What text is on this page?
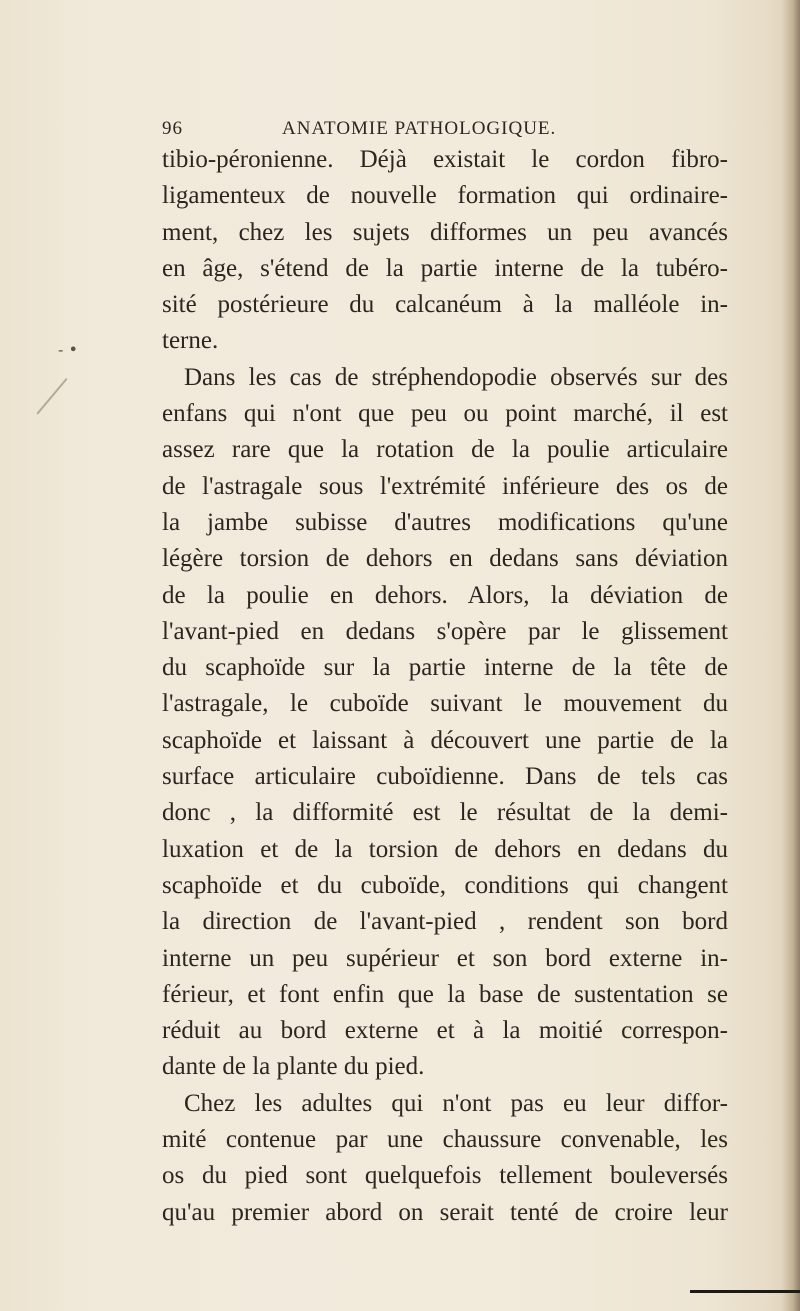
- •
96	ANATOMIE PATHOLOGIQUE.
tibio-péronienne. Déjà existait le cordon fibro-
ligamenteux de nouvelle formation qui ordinaire-
ment, chez les sujets difformes un peu avancés
en âge, s'étend de la partie interne de la tubéro-
sité postérieure du calcanéum à la malléole in-
terne.
Dans les cas de stréphendopodie observés sur des
enfans qui n'ont que peu ou point marché, il est
assez rare que la rotation de la poulie articulaire
de l'astragale sous l'extrémité inférieure des os de
la jambe subisse d'autres modifications qu'une
légère torsion de dehors en dedans sans déviation
de la poulie en dehors. Alors, la déviation de
l'avant-pied en dedans s'opère par le glissement
du scaphoïde sur la partie interne de la tête de
l'astragale, le cuboïde suivant le mouvement du
scaphoïde et laissant à découvert une partie de la
surface articulaire cuboïdienne. Dans de tels cas
donc , la difformité est le résultat de la demi-
luxation et de la torsion de dehors en dedans du
scaphoïde et du cuboïde, conditions qui changent
la direction de l'avant-pied , rendent son bord
interne un peu supérieur et son bord externe in-
férieur, et font enfin que la base de sustentation se
réduit au bord externe et à la moitié correspon-
dante de la plante du pied.
Chez les adultes qui n'ont pas eu leur diffor-
mité contenue par une chaussure convenable, les
os du pied sont quelquefois tellement bouleversés
qu'au premier abord on serait tenté de croire leur
